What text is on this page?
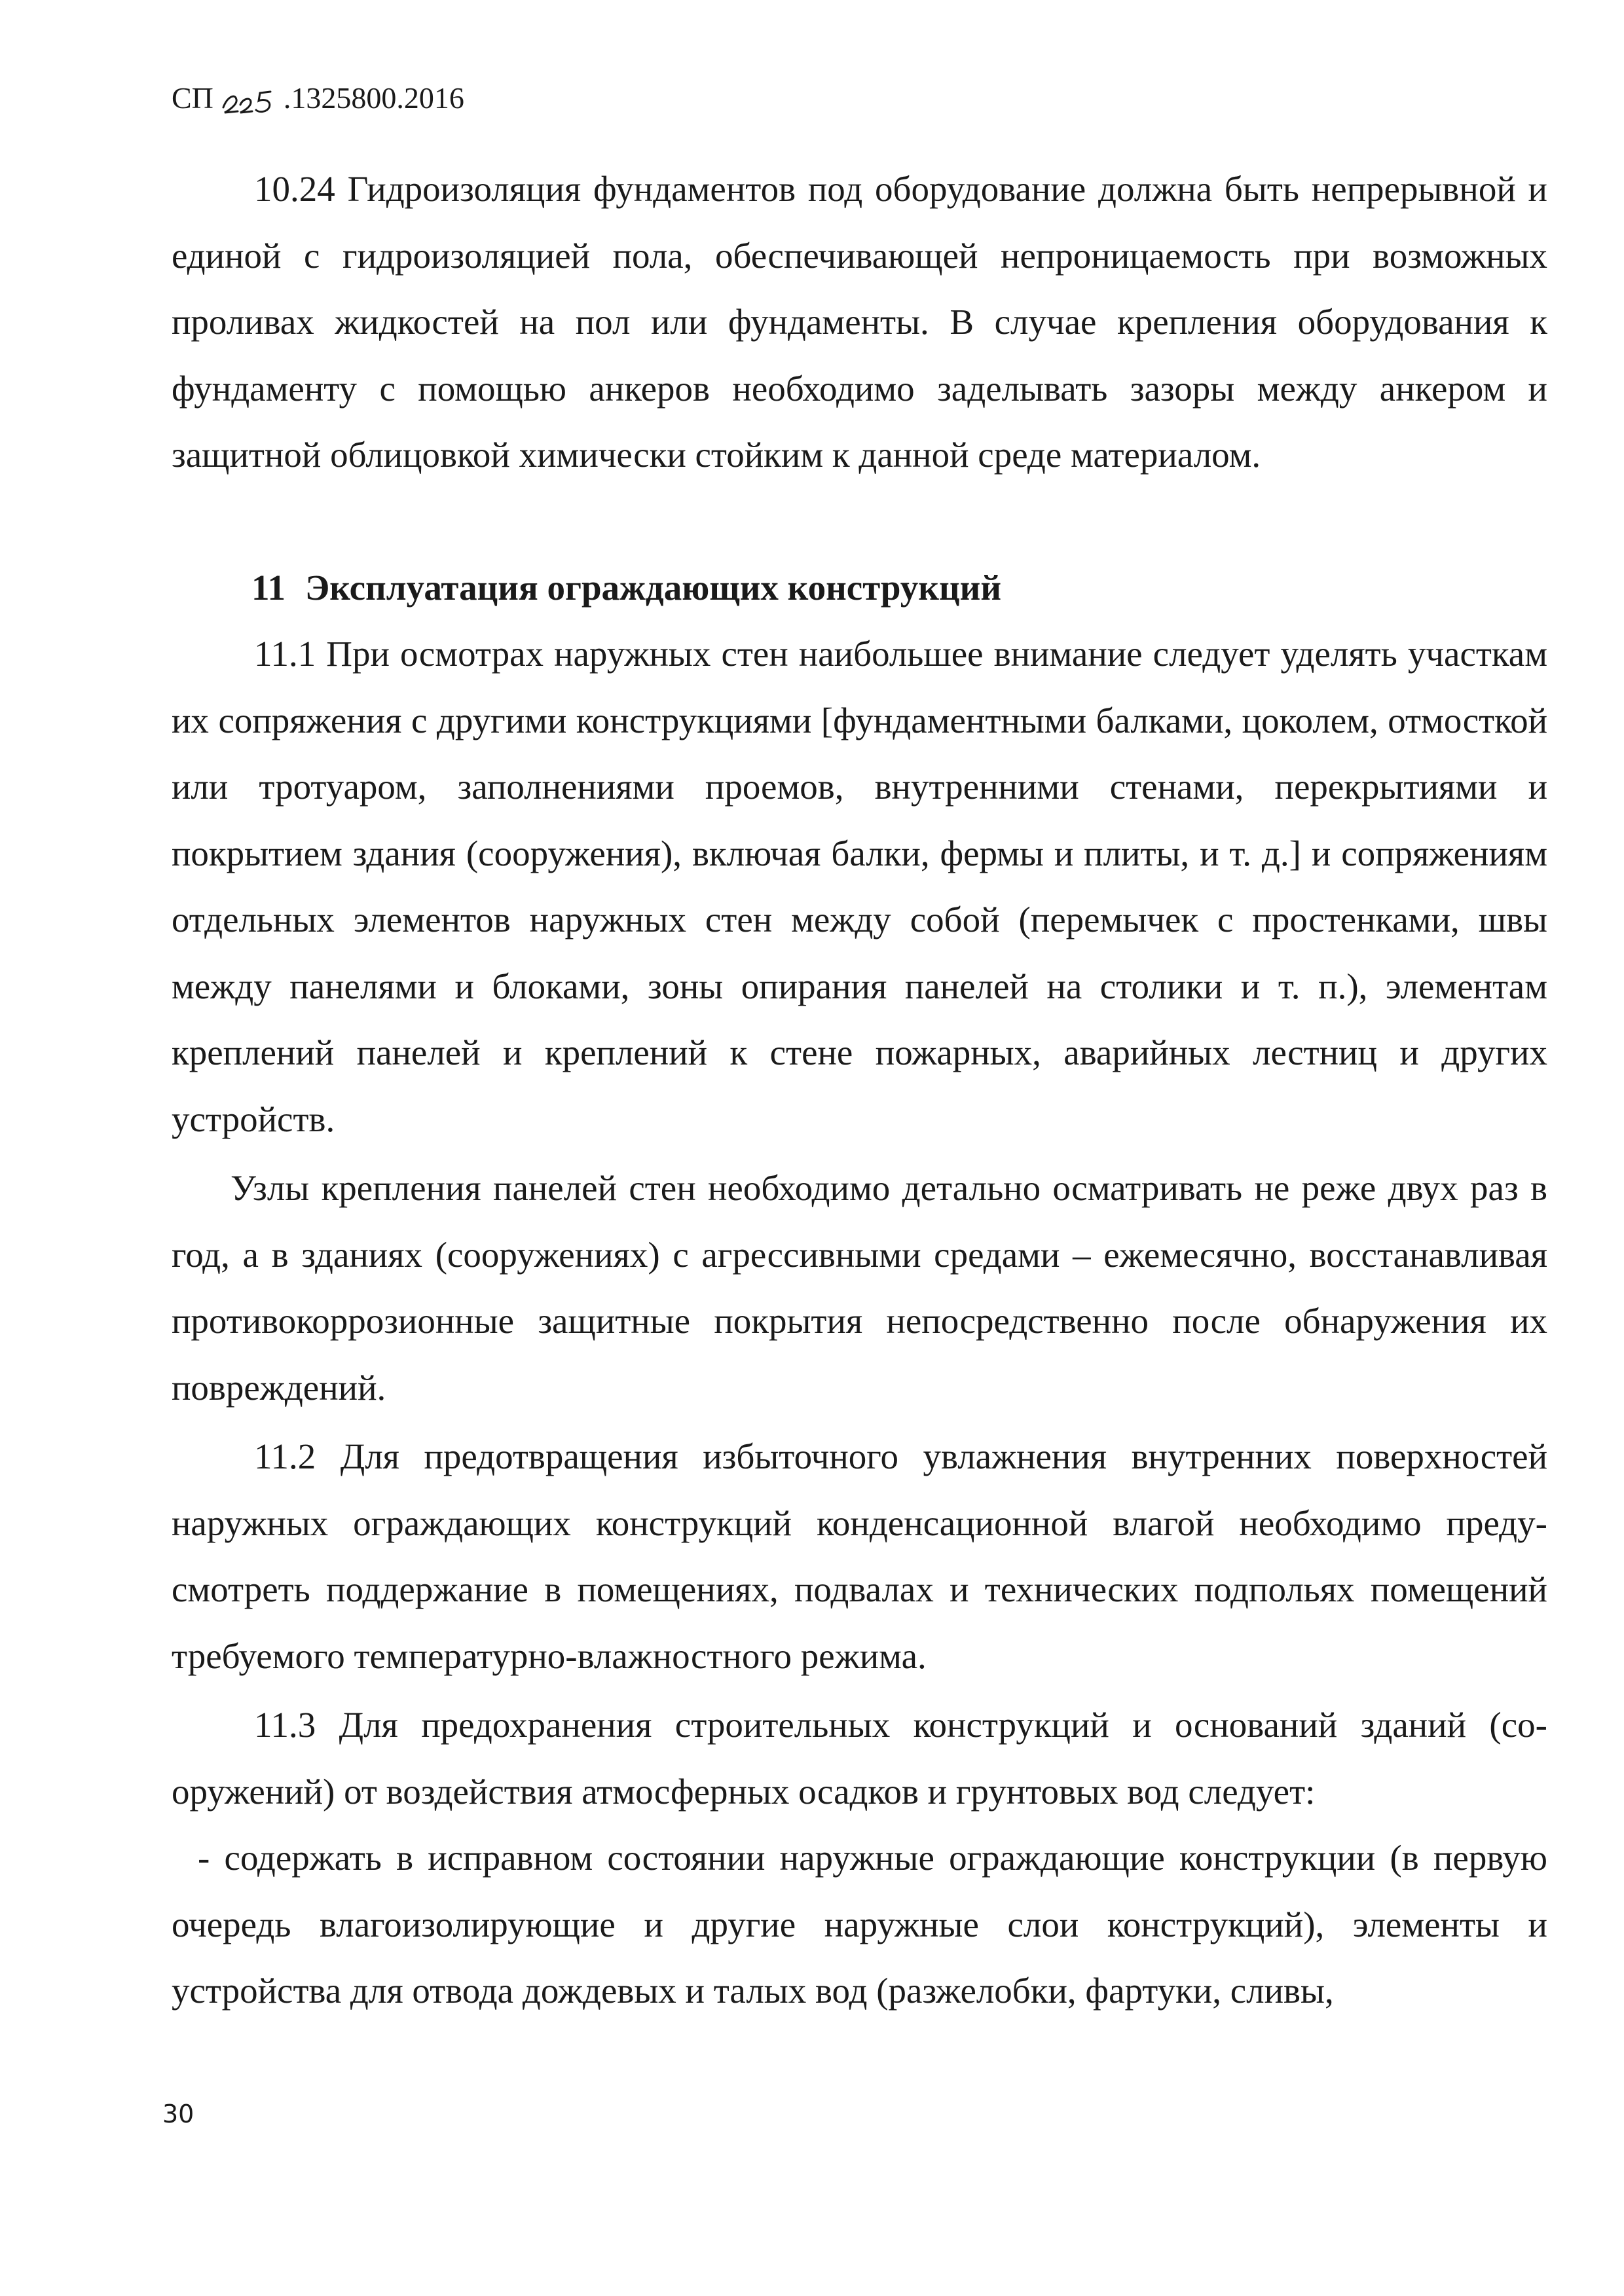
СП .1325800.2016

10.24 Гидроизоляция фундаментов под оборудование должна быть непрерывной и единой с гидроизоляцией пола, обеспечивающей непроницаемость при возможных проливах жидкостей на пол или фундаменты. В случае крепления оборудования к фундаменту с помощью анкеров необходимо заделывать зазоры между анкером и защитной облицовкой химически стойким к данной среде материалом.

11 Эксплуатация ограждающих конструкций

11.1 При осмотрах наружных стен наибольшее внимание следует уделять участкам их сопряжения с другими конструкциями [фундаментными балками, цоколем, отмосткой или тротуаром, заполнениями проемов, внутренними стенами, перекрытиями и покрытием здания (сооружения), включая балки, фермы и плиты, и т. д.] и сопряжениям отдельных элементов наружных стен между собой (перемычек с простенками, швы между панелями и блоками, зоны опирания панелей на столики и т. п.), элементам креплений панелей и креплений к стене пожарных, аварийных лестниц и других устройств.

Узлы крепления панелей стен необходимо детально осматривать не реже двух раз в год, а в зданиях (сооружениях) с агрессивными средами – ежемесячно, восстанавливая противокоррозионные защитные покрытия непосредственно после обнаружения их повреждений.

11.2 Для предотвращения избыточного увлажнения внутренних поверхностей наружных ограждающих конструкций конденсационной влагой необходимо предусмотреть поддержание в помещениях, подвалах и технических подпольях помещений требуемого температурно-влажностного режима.

11.3 Для предохранения строительных конструкций и оснований зданий (сооружений) от воздействия атмосферных осадков и грунтовых вод следует:

- содержать в исправном состоянии наружные ограждающие конструкции (в первую очередь влагоизолирующие и другие наружные слои конструкций), элементы и устройства для отвода дождевых и талых вод (разжелобки, фартуки, сливы,

30
